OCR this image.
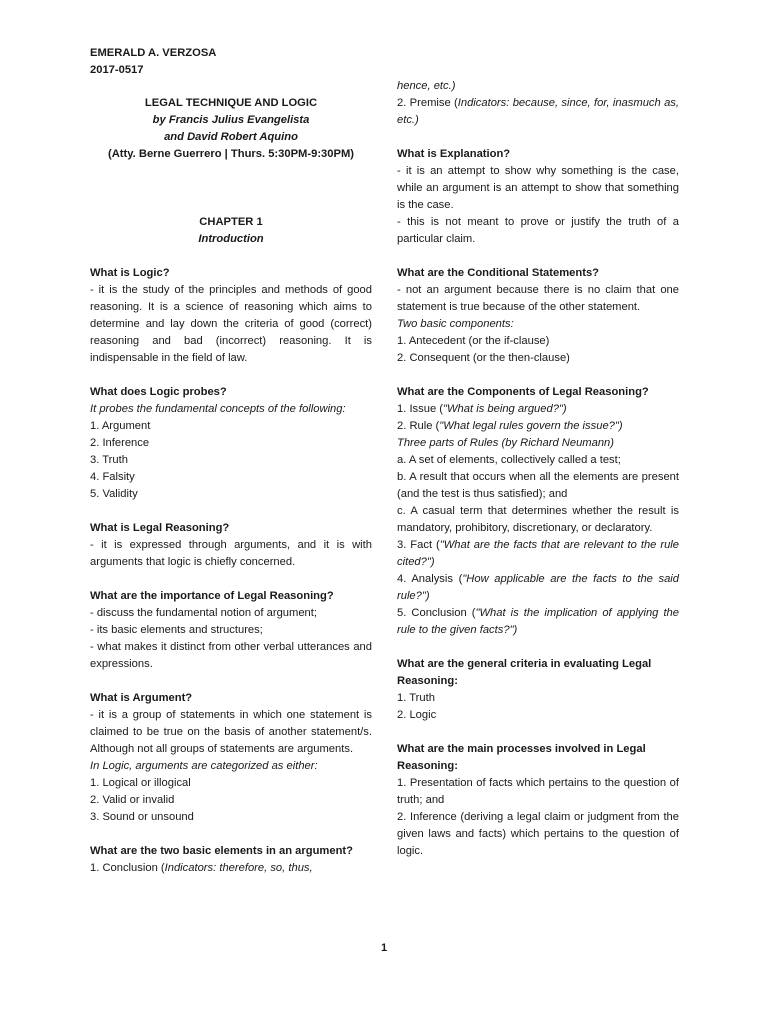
EMERALD A. VERZOSA
2017-0517
LEGAL TECHNIQUE AND LOGIC
by Francis Julius Evangelista
and David Robert Aquino
(Atty. Berne Guerrero | Thurs. 5:30PM-9:30PM)
CHAPTER 1
Introduction

What is Logic?

- it is the study of the principles and methods of good reasoning. It is a science of reasoning which aims to determine and lay down the criteria of good (correct) reasoning and bad (incorrect) reasoning. It is indispensable in the field of law.

What does Logic probes?

It probes the fundamental concepts of the following:

1. Argument

2. Inference

3. Truth

4. Falsity

5. Validity

What is Legal Reasoning?

- it is expressed through arguments, and it is with arguments that logic is chiefly concerned.

What are the importance of Legal Reasoning?

- discuss the fundamental notion of argument;

- its basic elements and structures;

- what makes it distinct from other verbal utterances and expressions.

What is Argument?

- it is a group of statements in which one statement is claimed to be true on the basis of another statement/s. Although not all groups of statements are arguments.

In Logic, arguments are categorized as either:

1. Logical or illogical

2. Valid or invalid

3. Sound or unsound

What are the two basic elements in an argument?

1. Conclusion (Indicators: therefore, so, thus,

hence, etc.)

2. Premise (Indicators: because, since, for, inasmuch as, etc.)

What is Explanation?

- it is an attempt to show why something is the case, while an argument is an attempt to show that something is the case.

- this is not meant to prove or justify the truth of a particular claim.

What are the Conditional Statements?

- not an argument because there is no claim that one statement is true because of the other statement.

Two basic components:

1. Antecedent (or the if-clause)

2. Consequent (or the then-clause)

What are the Components of Legal Reasoning?

1. Issue ("What is being argued?")

2. Rule ("What legal rules govern the issue?")

Three parts of Rules (by Richard Neumann)

a. A set of elements, collectively called a test;

b. A result that occurs when all the elements are present (and the test is thus satisfied); and

c. A casual term that determines whether the result is mandatory, prohibitory, discretionary, or declaratory.

3. Fact ("What are the facts that are relevant to the rule cited?")

4. Analysis ("How applicable are the facts to the said rule?")

5. Conclusion ("What is the implication of applying the rule to the given facts?")

What are the general criteria in evaluating Legal Reasoning:

1. Truth

2. Logic

What are the main processes involved in Legal Reasoning:

1. Presentation of facts which pertains to the question of truth; and

2. Inference (deriving a legal claim or judgment from the given laws and facts) which pertains to the question of logic.

1
